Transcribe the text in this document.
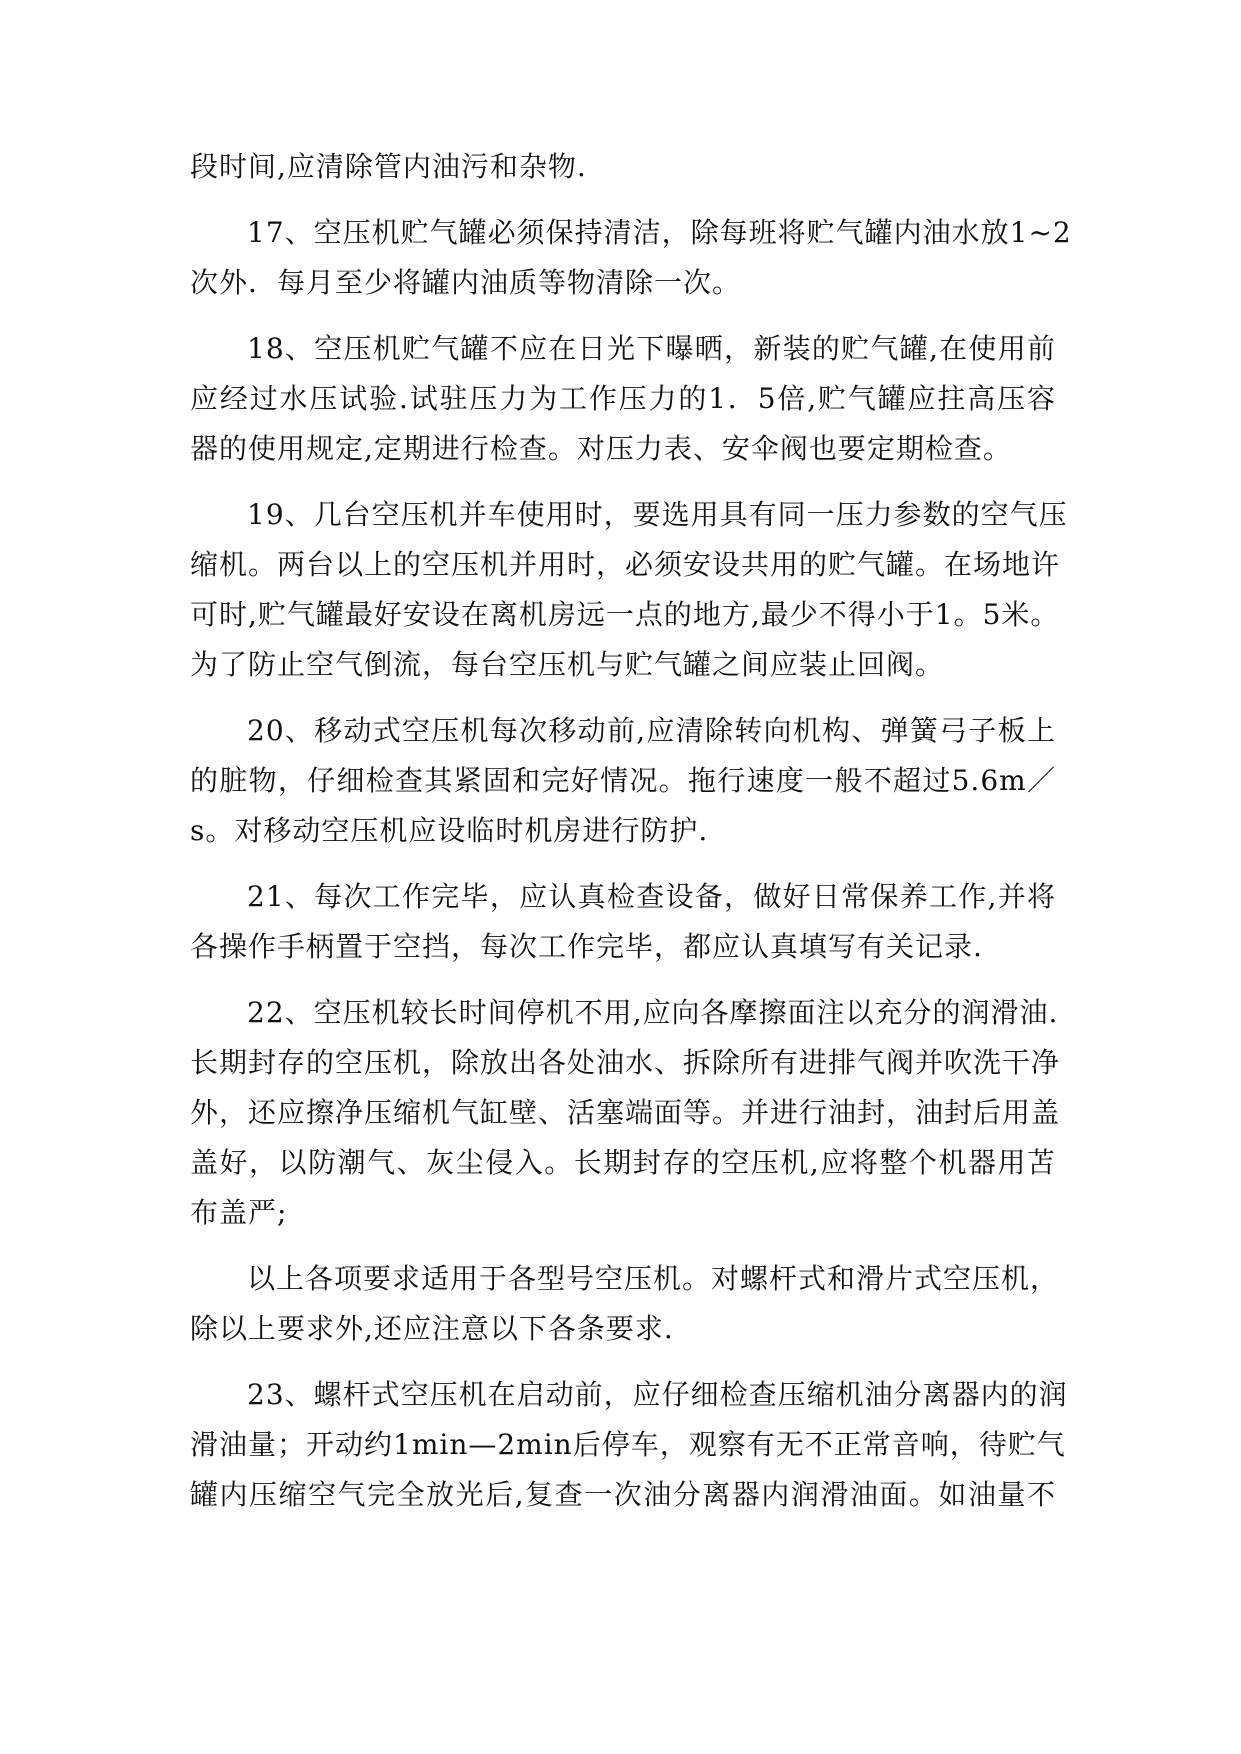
段时间,应清除管内油污和杂物.
17、空压机贮气罐必须保持清洁，除每班将贮气罐内油水放1~2
次外．每月至少将罐内油质等物清除一次。
18、空压机贮气罐不应在日光下曝晒，新装的贮气罐,在使用前
应经过水压试验.试驻压力为工作压力的1．5倍,贮气罐应拄高压容
器的使用规定,定期进行检查。对压力表、安伞阀也要定期检查。
19、几台空压机并车使用时，要选用具有同一压力参数的空气压
缩机。两台以上的空压机并用时，必须安设共用的贮气罐。在场地许
可时,贮气罐最好安设在离机房远一点的地方,最少不得小于1。5米。
为了防止空气倒流，每台空压机与贮气罐之间应装止回阀。
20、移动式空压机每次移动前,应清除转向机构、弹簧弓子板上
的脏物，仔细检查其紧固和完好情况。拖行速度一般不超过5.6m／
s。对移动空压机应设临时机房进行防护.
21、每次工作完毕，应认真检查设备，做好日常保养工作,并将
各操作手柄置于空挡，每次工作完毕，都应认真填写有关记录.
22、空压机较长时间停机不用,应向各摩擦面注以充分的润滑油.
长期封存的空压机，除放出各处油水、拆除所有进排气阀并吹洗干净
外，还应擦净压缩机气缸壁、活塞端面等。并进行油封，油封后用盖
盖好，以防潮气、灰尘侵入。长期封存的空压机,应将整个机器用苫
布盖严;
以上各项要求适用于各型号空压机。对螺杆式和滑片式空压机，
除以上要求外,还应注意以下各条要求.
23、螺杆式空压机在启动前，应仔细检查压缩机油分离器内的润
滑油量；开动约1min—2min后停车，观察有无不正常音响，待贮气
罐内压缩空气完全放光后,复查一次油分离器内润滑油面。如油量不
